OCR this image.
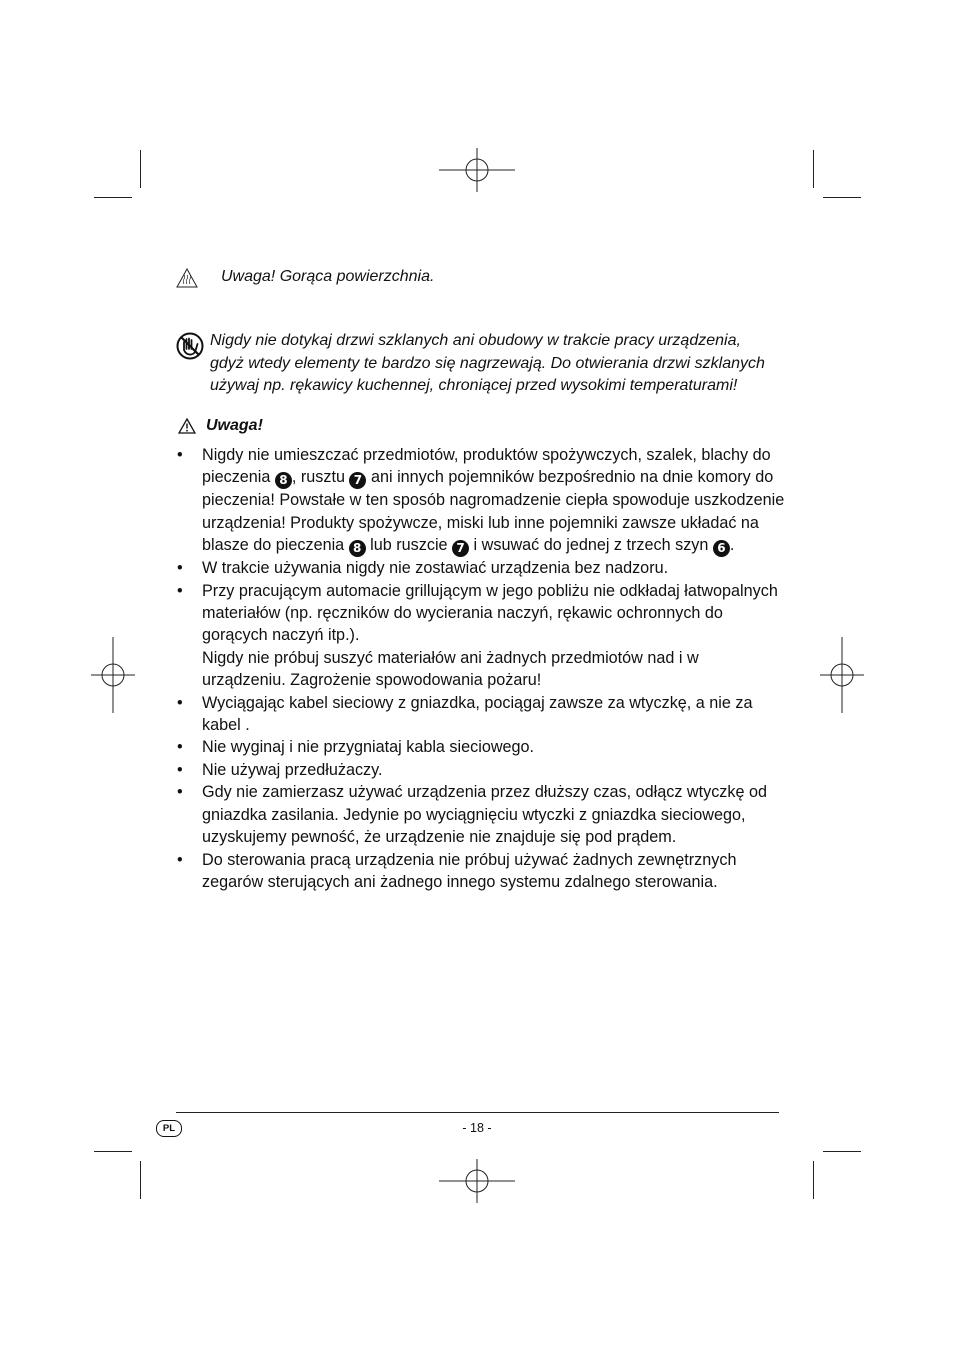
Uwaga! Gorąca powierzchnia.
Nigdy nie dotykaj drzwi szklanych ani obudowy w trakcie pracy urządzenia,
gdyż wtedy elementy te bardzo się nagrzewają. Do otwierania drzwi szklanych
używaj np. rękawicy kuchennej, chroniącej przed wysokimi temperaturami!
Uwaga!
• Nigdy nie umieszczać przedmiotów, produktów spożywczych, szalek, blachy do pieczenia 8 , rusztu 7 ani innych pojemników bezpośrednio na dnie komory do pieczenia! Powstałe w ten sposób nagromadzenie ciepła spowoduje uszkodzenie urządzenia! Produkty spożywcze, miski lub inne pojemniki zawsze układać na blasze do pieczenia 8 lub ruszcie 7 i wsuwać do jednej z trzech szyn 6 .
• W trakcie używania nigdy nie zostawiać urządzenia bez nadzoru.
• Przy pracującym automacie grillującym w jego pobliżu nie odkładaj łatwopalnych materiałów (np. ręczników do wycierania naczyń, rękawic ochronnych do gorących naczyń itp.).
Nigdy nie próbuj suszyć materiałów ani żadnych przedmiotów nad i w urządzeniu. Zagrożenie spowodowania pożaru!
• Wyciągając kabel sieciowy z gniazdka, pociągaj zawsze za wtyczkę, a nie za kabel .
• Nie wyginaj i nie przygniataj kabla sieciowego.
• Nie używaj przedłużaczy.
• Gdy nie zamierzasz używać urządzenia przez dłuższy czas, odłącz wtyczkę od gniazdka zasilania. Jedynie po wyciągnięciu wtyczki z gniazdka sieciowego, uzyskujemy pewność, że urządzenie nie znajduje się pod prądem.
• Do sterowania pracą urządzenia nie próbuj używać żadnych zewnętrznych zegarów sterujących ani żadnego innego systemu zdalnego sterowania.
PL	- 18 -
